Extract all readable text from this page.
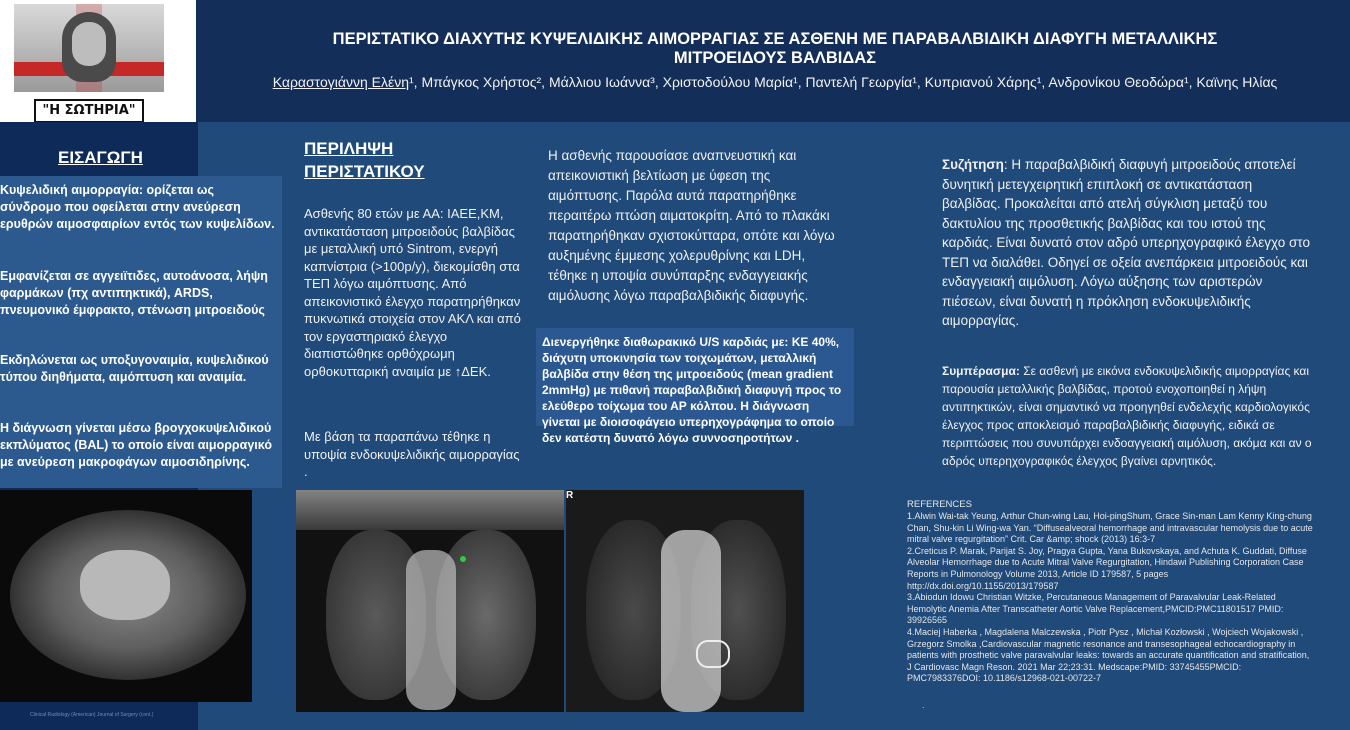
"Η ΣΩΤΗΡΙΑ"
ΠΕΡΙΣΤΑΤΙΚΟ ΔΙΑΧΥΤΗΣ ΚΥΨΕΛΙΔΙΚΗΣ ΑΙΜΟΡΡΑΓΙΑΣ ΣΕ ΑΣΘΕΝΗ ΜΕ ΠΑΡΑΒΑΛΒΙΔΙΚΗ ΔΙΑΦΥΓΗ ΜΕΤΑΛΛΙΚΗΣ ΜΙΤΡΟΕΙΔΟΥΣ ΒΑΛΒΙΔΑΣ
Καραστογιάννη Ελένη¹, Μπάγκος Χρήστος², Μάλλιου Ιωάννα³, Χριστοδούλου Μαρία¹, Παντελή Γεωργία¹, Κυπριανού Χάρης¹, Ανδρονίκου Θεοδώρα¹, Καϊνης Ηλίας
ΕΙΣΑΓΩΓΗ

Κυψελιδική αιμορραγία: ορίζεται ως σύνδρομο που οφείλεται στην ανεύρεση ερυθρών αιμοσφαιρίων εντός των κυψελίδων.

Εμφανίζεται σε αγγειϊτιδες, αυτοάνοσα, λήψη φαρμάκων (πχ αντιπηκτικά), ARDS, πνευμονικό έμφρακτο, στένωση μιτροειδούς

Εκδηλώνεται ως υποξυγοναιμία, κυψελιδικού τύπου διηθήματα, αιμόπτυση και αναιμία.

Η διάγνωση γίνεται μέσω βρογχοκυψελιδικού εκπλύματος (BAL) το οποίο είναι αιμορραγικό με ανεύρεση μακροφάγων αιμοσιδηρίνης.

Clinical Radiology (American) Journal of Surgery (cont.)
ΠΕΡΙΛΗΨΗ
ΠΕΡΙΣΤΑΤΙΚΟΥ

Ασθενής 80 ετών με ΑΑ: ΙΑΕΕ,ΚΜ, αντικατάσταση μιτροειδούς βαλβίδας με μεταλλική υπό Sintrom, ενεργή καπνίστρια (>100p/y), διεκομίσθη στα ΤΕΠ λόγω αιμόπτυσης. Από απεικονιστικό έλεγχο παρατηρήθηκαν πυκνωτικά στοιχεία στον ΑΚΛ και από τον εργαστηριακό έλεγχο διαπιστώθηκε ορθόχρωμη ορθοκυτταρική αναιμία με ↑ΔΕΚ.

Με βάση τα παραπάνω τέθηκε η υποψία ενδοκυψελιδικής αιμορραγίας .

Η ασθενής παρουσίασε αναπνευστική και απεικονιστική βελτίωση με ύφεση της αιμόπτυσης. Παρόλα αυτά παρατηρήθηκε περαιτέρω πτώση αιματοκρίτη. Από το πλακάκι παρατηρήθηκαν σχιστοκύτταρα, οπότε και λόγω αυξημένης έμμεσης χολερυθρίνης και LDH, τέθηκε η υποψία συνύπαρξης ενδαγγειακής αιμόλυσης λόγω παραβαλβιδικής διαφυγής.

Διενεργήθηκε διαθωρακικό U/S καρδιάς με: ΚΕ 40%, διάχυτη υποκινησία των τοιχωμάτων, μεταλλική βαλβίδα στην θέση της μιτροειδούς (mean gradient 2mmHg) με πιθανή παραβαλβιδική διαφυγή προς το ελεύθερο τοίχωμα του ΑΡ κόλπου. Η διάγνωση γίνεται με διοισοφάγειο υπερηχογράφημα το οποίο δεν κατέστη δυνατό λόγω συννοσηροτήτων .

R

Συζήτηση: Η παραβαλβιδική διαφυγή μιτροειδούς αποτελεί δυνητική μετεγχειρητική επιπλοκή σε αντικατάσταση βαλβίδας. Προκαλείται από ατελή σύγκλιση μεταξύ του δακτυλίου της προσθετικής βαλβίδας και του ιστού της καρδιάς. Είναι δυνατό στον αδρό υπερηχογραφικό έλεγχο στο ΤΕΠ να διαλάθει. Οδηγεί σε οξεία ανεπάρκεια μιτροειδούς και ενδαγγειακή αιμόλυση. Λόγω αύξησης των αριστερών πιέσεων, είναι δυνατή η πρόκληση ενδοκυψελιδικής αιμορραγίας.

Συμπέρασμα: Σε ασθενή με εικόνα ενδοκυψελιδικής αιμορραγίας και παρουσία μεταλλικής βαλβίδας, προτού ενοχοποιηθεί η λήψη αντιπηκτικών, είναι σημαντικό να προηγηθεί ενδελεχής καρδιολογικός έλεγχος προς αποκλεισμό παραβαλβιδικής διαφυγής, ειδικά σε περιπτώσεις που συνυπάρχει ενδοαγγειακή αιμόλυση, ακόμα και αν ο αδρός υπερηχογραφικός έλεγχος βγαίνει αρνητικός.

REFERENCES
1.Alwin Wai-tak Yeung, Arthur Chun-wing Lau, Hoi-pingShum, Grace Sin-man Lam Kenny King-chung Chan, Shu-kin Li Wing-wa Yan. “Diffusealveoral hemorrhage and intravascular hemolysis due to acute mitral valve regurgitation” Crit. Car &amp; shock (2013) 16:3-7
2.Creticus P. Marak, Parijat S. Joy, Pragya Gupta, Yana Bukovskaya, and Achuta K. Guddati, Diffuse Alveolar Hemorrhage due to Acute Mitral Valve Regurgitation, Hindawi Publishing Corporation Case Reports in Pulmonology Volume 2013, Article ID 179587, 5 pages http://dx.doi.org/10.1155/2013/179587
3.Abiodun Idowu Christian Witzke, Percutaneous Management of Paravalvular Leak-Related Hemolytic Anemia After Transcatheter Aortic Valve Replacement,PMCID:PMC11801517 PMID: 39926565
4.Maciej Haberka , Magdalena Malczewska , Piotr Pysz , Michał Kozłowski , Wojciech Wojakowski , Grzegorz Smolka ,Cardiovascular magnetic resonance and transesophageal echocardiography in patients with prosthetic valve paravalvular leaks: towards an accurate quantification and stratification, J Cardiovasc Magn Reson. 2021 Mar 22;23:31. Medscape:PMID: 33745455PMCID: PMC7983376DOI: 10.1186/s12968-021-00722-7
.
